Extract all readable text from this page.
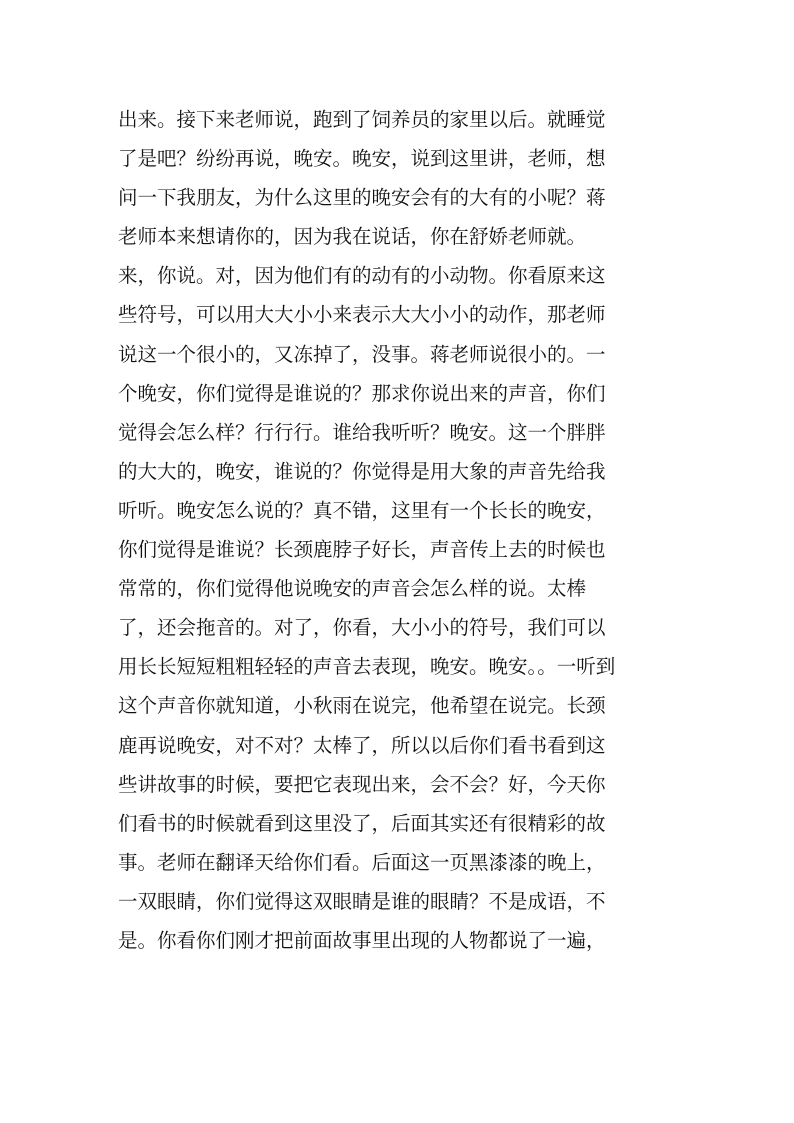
出来。接下来老师说，跑到了饲养员的家里以后。就睡觉
了是吧？纷纷再说，晚安。晚安，说到这里讲，老师，想
问一下我朋友，为什么这里的晚安会有的大有的小呢？蒋
老师本来想请你的，因为我在说话，你在舒娇老师就。
来，你说。对，因为他们有的动有的小动物。你看原来这
些符号，可以用大大小小来表示大大小小的动作，那老师
说这一个很小的，又冻掉了，没事。蒋老师说很小的。一
个晚安，你们觉得是谁说的？那求你说出来的声音，你们
觉得会怎么样？行行行。谁给我听听？晚安。这一个胖胖
的大大的，晚安，谁说的？你觉得是用大象的声音先给我
听听。晚安怎么说的？真不错，这里有一个长长的晚安，
你们觉得是谁说？长颈鹿脖子好长，声音传上去的时候也
常常的，你们觉得他说晚安的声音会怎么样的说。太棒
了，还会拖音的。对了，你看，大小小的符号，我们可以
用长长短短粗粗轻轻的声音去表现，晚安。晚安。。一听到
这个声音你就知道，小秋雨在说完，他希望在说完。长颈
鹿再说晚安，对不对？太棒了，所以以后你们看书看到这
些讲故事的时候，要把它表现出来，会不会？好，今天你
们看书的时候就看到这里没了，后面其实还有很精彩的故
事。老师在翻译天给你们看。后面这一页黑漆漆的晚上，
一双眼睛，你们觉得这双眼睛是谁的眼睛？不是成语，不
是。你看你们刚才把前面故事里出现的人物都说了一遍，
